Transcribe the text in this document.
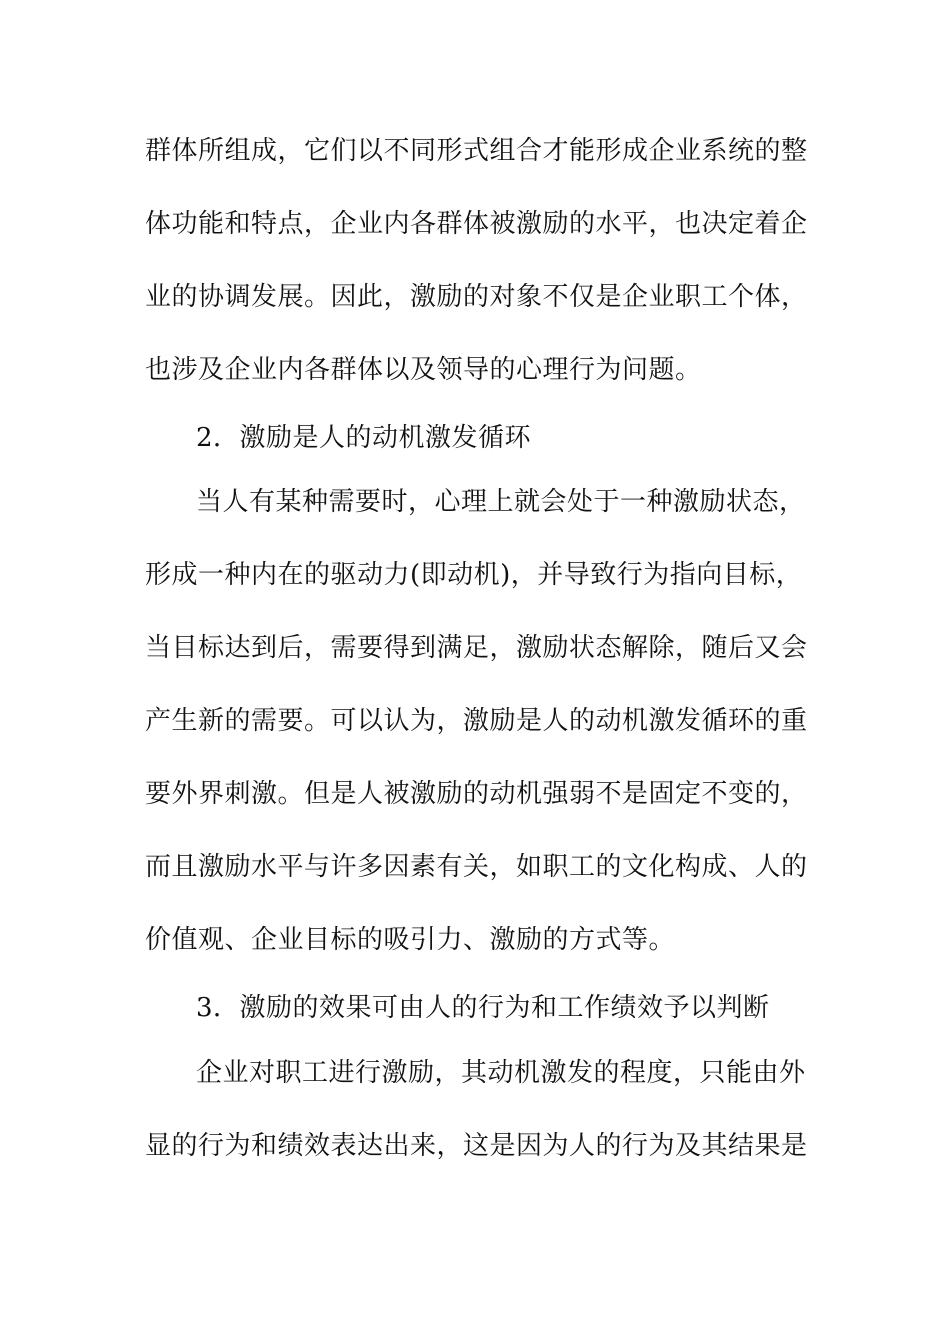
群体所组成，它们以不同形式组合才能形成企业系统的整
体功能和特点，企业内各群体被激励的水平，也决定着企
业的协调发展。因此，激励的对象不仅是企业职工个体，
也涉及企业内各群体以及领导的心理行为问题。
2．激励是人的动机激发循环
当人有某种需要时，心理上就会处于一种激励状态，
形成一种内在的驱动力(即动机)，并导致行为指向目标，
当目标达到后，需要得到满足，激励状态解除，随后又会
产生新的需要。可以认为，激励是人的动机激发循环的重
要外界刺激。但是人被激励的动机强弱不是固定不变的，
而且激励水平与许多因素有关，如职工的文化构成、人的
价值观、企业目标的吸引力、激励的方式等。
3．激励的效果可由人的行为和工作绩效予以判断
企业对职工进行激励，其动机激发的程度，只能由外
显的行为和绩效表达出来，这是因为人的行为及其结果是
